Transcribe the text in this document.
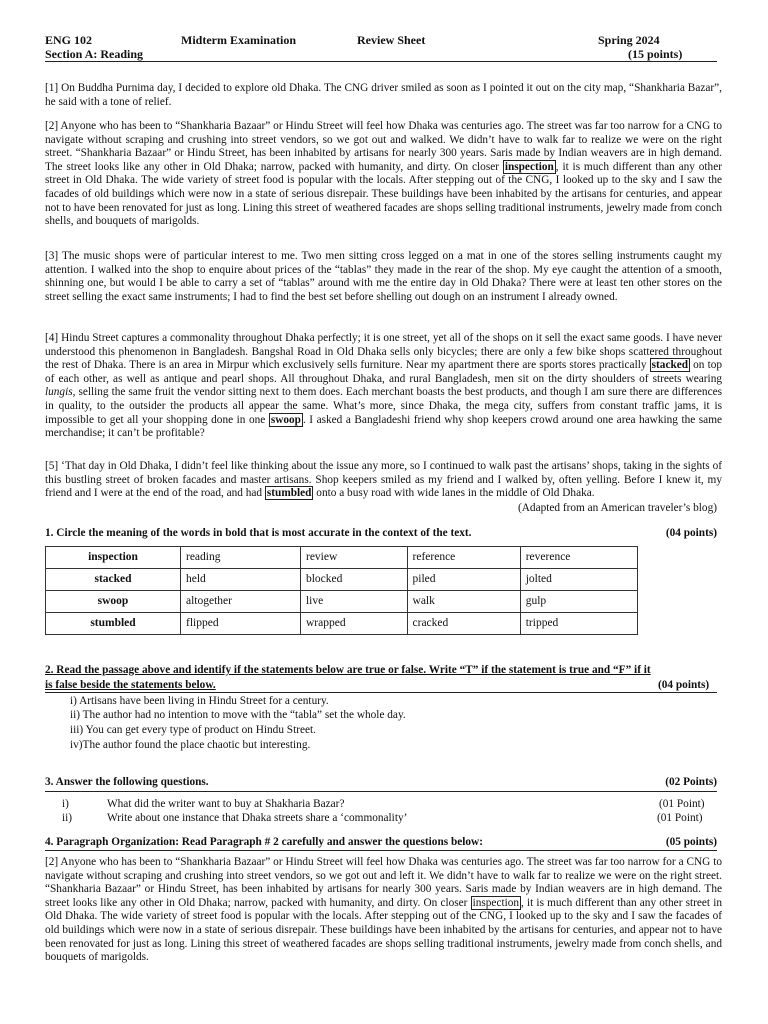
ENG 102
Section A: Reading
Midterm Examination	Review Sheet	Spring 2024
(15 points)

[1] On Buddha Purnima day, I decided to explore old Dhaka. The CNG driver smiled as soon as I pointed it out on the city map, “Shankharia Bazar”, he said with a tone of relief.

[2] Anyone who has been to “Shankharia Bazaar” or Hindu Street will feel how Dhaka was centuries ago. The street was far too narrow for a CNG to navigate without scraping and crushing into street vendors, so we got out and walked. We didn’t have to walk far to realize we were on the right street. “Shankharia Bazaar” or Hindu Street, has been inhabited by artisans for nearly 300 years. Saris made by Indian weavers are in high demand. The street looks like any other in Old Dhaka; narrow, packed with humanity, and dirty. On closer inspection , it is much different than any other street in Old Dhaka. The wide variety of street food is popular with the locals. After stepping out of the CNG, I looked up to the sky and I saw the facades of old buildings which were now in a state of serious disrepair. These buildings have been inhabited by the artisans for centuries, and appear not to have been renovated for just as long. Lining this street of weathered facades are shops selling traditional instruments, jewelry made from conch shells, and bouquets of marigolds.

[3] The music shops were of particular interest to me. Two men sitting cross legged on a mat in one of the stores selling instruments caught my attention. I walked into the shop to enquire about prices of the “tablas” they made in the rear of the shop. My eye caught the attention of a smooth, shinning one, but would I be able to carry a set of “tablas” around with me the entire day in Old Dhaka? There were at least ten other stores on the street selling the exact same instruments; I had to find the best set before shelling out dough on an instrument I already owned.

[4] Hindu Street captures a commonality throughout Dhaka perfectly; it is one street, yet all of the shops on it sell the exact same goods. I have never understood this phenomenon in Bangladesh. Bangshal Road in Old Dhaka sells only bicycles; there are only a few bike shops scattered throughout the rest of Dhaka. There is an area in Mirpur which exclusively sells furniture. Near my apartment there are sports stores practically stacked on top of each other, as well as antique and pearl shops. All throughout Dhaka, and rural Bangladesh, men sit on the dirty shoulders of streets wearing lungis, selling the same fruit the vendor sitting next to them does. Each merchant boasts the best products, and though I am sure there are differences in quality, to the outsider the products all appear the same. What’s more, since Dhaka, the mega city, suffers from constant traffic jams, it is impossible to get all your shopping done in one swoop . I asked a Bangladeshi friend why shop keepers crowd around one area hawking the same merchandise; it can’t be profitable?

[5] ‘That day in Old Dhaka, I didn’t feel like thinking about the issue any more, so I continued to walk past the artisans’ shops, taking in the sights of this bustling street of broken facades and master artisans. Shop keepers smiled as my friend and I walked by, often yelling. Before I knew it, my friend and I were at the end of the road, and had stumbled onto a busy road with wide lanes in the middle of Old Dhaka.

(Adapted from an American traveler’s blog)
1. Circle the meaning of the words in bold that is most accurate in the context of the text.	(04 points)
inspection	reading	review	reference	reverence
stacked	held	blocked	piled	jolted
swoop	altogether	live	walk	gulp
stumbled	flipped	wrapped	cracked	tripped
2. Read the passage above and identify if the statements below are true or false. Write “T” if the statement is true and “F” if it
is false beside the statements below.	(04 points)
i) Artisans have been living in Hindu Street for a century.
ii) The author had no intention to move with the “tabla” set the whole day.
iii) You can get every type of product on Hindu Street.
iv)The author found the place chaotic but interesting.
3. Answer the following questions.	(02 Points)
i)	What did the writer want to buy at Shakharia Bazar?	(01 Point)
ii)	Write about one instance that Dhaka streets share a ‘commonality’	(01 Point)
4. Paragraph Organization: Read Paragraph # 2 carefully and answer the questions below:	(05 points)

[2] Anyone who has been to “Shankharia Bazaar” or Hindu Street will feel how Dhaka was centuries ago. The street was far too narrow for a CNG to navigate without scraping and crushing into street vendors, so we got out and left it. We didn’t have to walk far to realize we were on the right street. “Shankharia Bazaar” or Hindu Street, has been inhabited by artisans for nearly 300 years. Saris made by Indian weavers are in high demand. The street looks like any other in Old Dhaka; narrow, packed with humanity, and dirty. On closer inspection , it is much different than any other street in Old Dhaka. The wide variety of street food is popular with the locals. After stepping out of the CNG, I looked up to the sky and I saw the facades of old buildings which were now in a state of serious disrepair. These buildings have been inhabited by the artisans for centuries, and appear not to have been renovated for just as long. Lining this street of weathered facades are shops selling traditional instruments, jewelry made from conch shells, and bouquets of marigolds.
